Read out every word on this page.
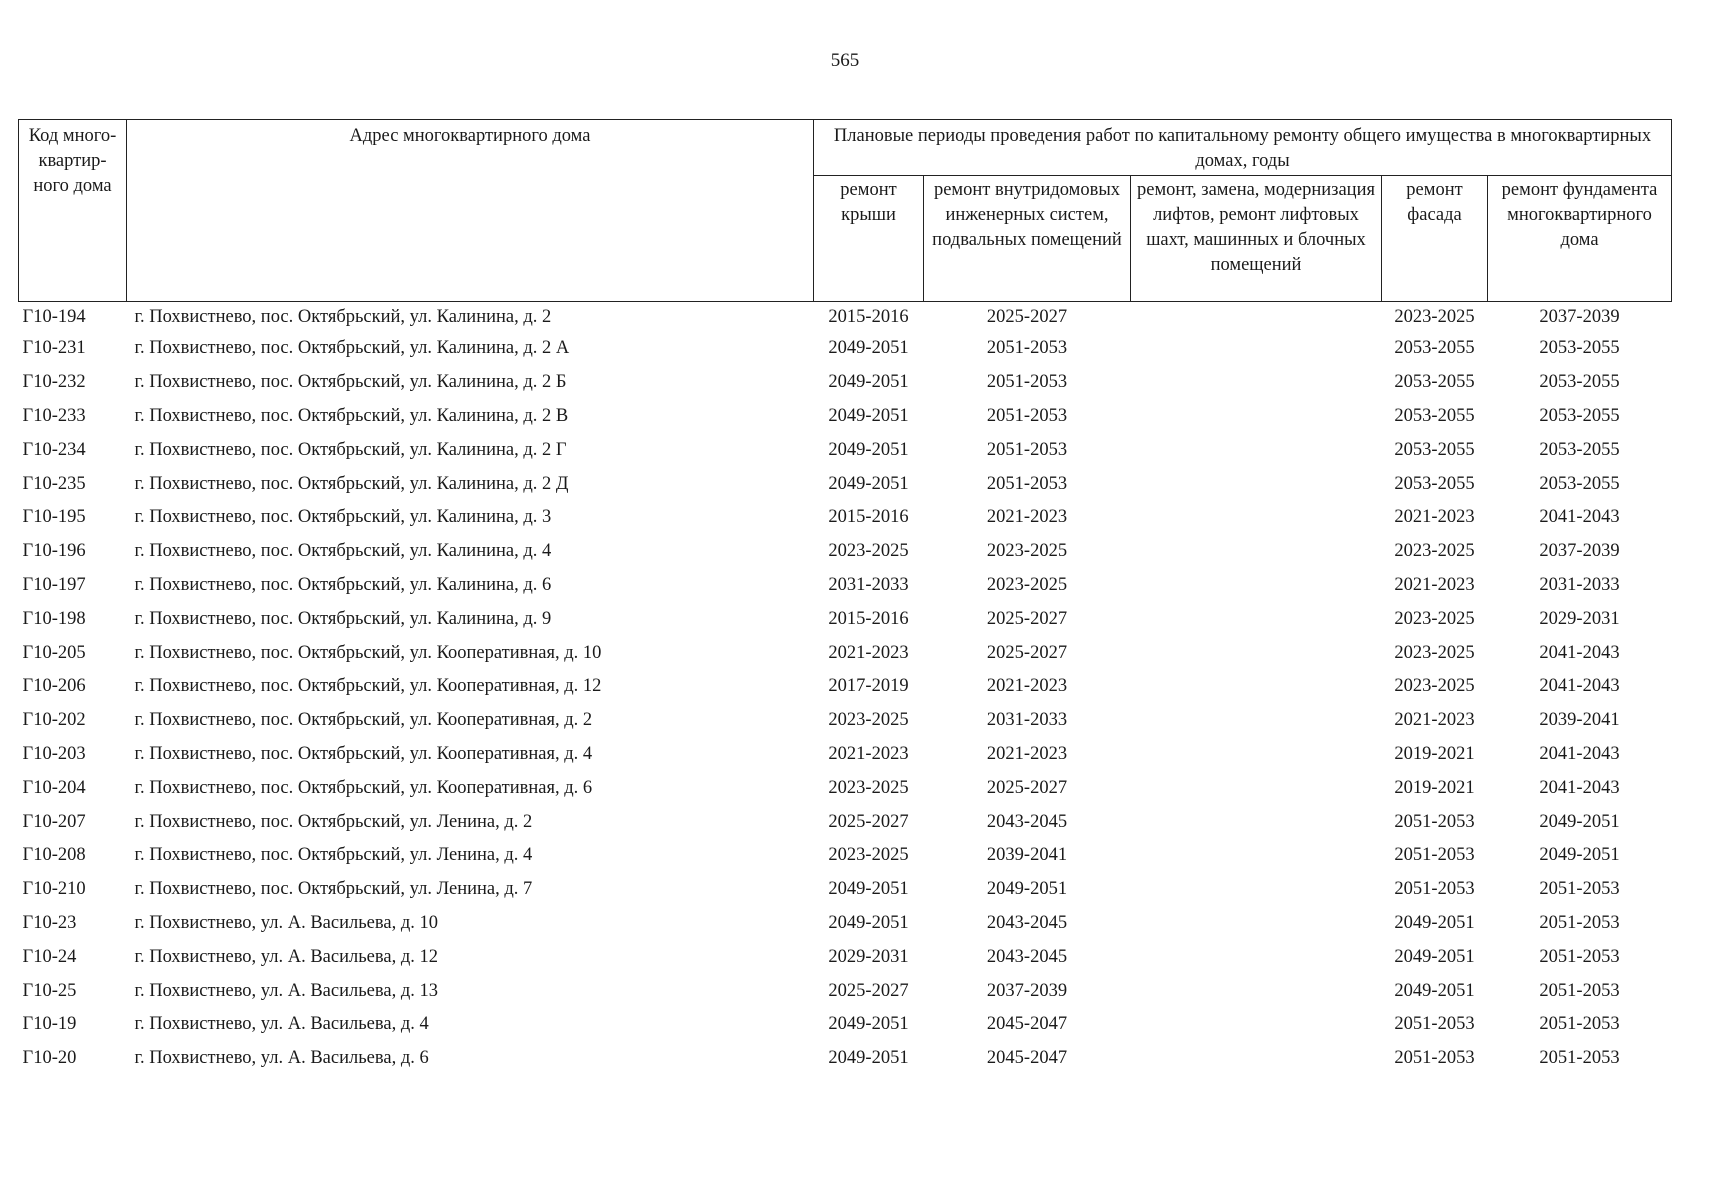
565
Код много-квартир-ного дома	Адрес многоквартирного дома	Плановые периоды проведения работ по капитальному ремонту общего имущества в многоквартирных домах, годы				
		ремонт крыши	ремонт внутридомовых инженерных систем, подвальных помещений	ремонт, замена, модернизация лифтов, ремонт лифтовых шахт, машинных и блочных помещений	ремонт фасада	ремонт фундамента многоквартирного дома
Г10-194	г. Похвистнево, пос. Октябрьский, ул. Калинина, д. 2	2015-2016	2025-2027		2023-2025	2037-2039
Г10-231	г. Похвистнево, пос. Октябрьский, ул. Калинина, д. 2 А	2049-2051	2051-2053		2053-2055	2053-2055
Г10-232	г. Похвистнево, пос. Октябрьский, ул. Калинина, д. 2 Б	2049-2051	2051-2053		2053-2055	2053-2055
Г10-233	г. Похвистнево, пос. Октябрьский, ул. Калинина, д. 2 В	2049-2051	2051-2053		2053-2055	2053-2055
Г10-234	г. Похвистнево, пос. Октябрьский, ул. Калинина, д. 2 Г	2049-2051	2051-2053		2053-2055	2053-2055
Г10-235	г. Похвистнево, пос. Октябрьский, ул. Калинина, д. 2 Д	2049-2051	2051-2053		2053-2055	2053-2055
Г10-195	г. Похвистнево, пос. Октябрьский, ул. Калинина, д. 3	2015-2016	2021-2023		2021-2023	2041-2043
Г10-196	г. Похвистнево, пос. Октябрьский, ул. Калинина, д. 4	2023-2025	2023-2025		2023-2025	2037-2039
Г10-197	г. Похвистнево, пос. Октябрьский, ул. Калинина, д. 6	2031-2033	2023-2025		2021-2023	2031-2033
Г10-198	г. Похвистнево, пос. Октябрьский, ул. Калинина, д. 9	2015-2016	2025-2027		2023-2025	2029-2031
Г10-205	г. Похвистнево, пос. Октябрьский, ул. Кооперативная, д. 10	2021-2023	2025-2027		2023-2025	2041-2043
Г10-206	г. Похвистнево, пос. Октябрьский, ул. Кооперативная, д. 12	2017-2019	2021-2023		2023-2025	2041-2043
Г10-202	г. Похвистнево, пос. Октябрьский, ул. Кооперативная, д. 2	2023-2025	2031-2033		2021-2023	2039-2041
Г10-203	г. Похвистнево, пос. Октябрьский, ул. Кооперативная, д. 4	2021-2023	2021-2023		2019-2021	2041-2043
Г10-204	г. Похвистнево, пос. Октябрьский, ул. Кооперативная, д. 6	2023-2025	2025-2027		2019-2021	2041-2043
Г10-207	г. Похвистнево, пос. Октябрьский, ул. Ленина, д. 2	2025-2027	2043-2045		2051-2053	2049-2051
Г10-208	г. Похвистнево, пос. Октябрьский, ул. Ленина, д. 4	2023-2025	2039-2041		2051-2053	2049-2051
Г10-210	г. Похвистнево, пос. Октябрьский, ул. Ленина, д. 7	2049-2051	2049-2051		2051-2053	2051-2053
Г10-23	г. Похвистнево, ул. А. Васильева, д. 10	2049-2051	2043-2045		2049-2051	2051-2053
Г10-24	г. Похвистнево, ул. А. Васильева, д. 12	2029-2031	2043-2045		2049-2051	2051-2053
Г10-25	г. Похвистнево, ул. А. Васильева, д. 13	2025-2027	2037-2039		2049-2051	2051-2053
Г10-19	г. Похвистнево, ул. А. Васильева, д. 4	2049-2051	2045-2047		2051-2053	2051-2053
Г10-20	г. Похвистнево, ул. А. Васильева, д. 6	2049-2051	2045-2047		2051-2053	2051-2053
